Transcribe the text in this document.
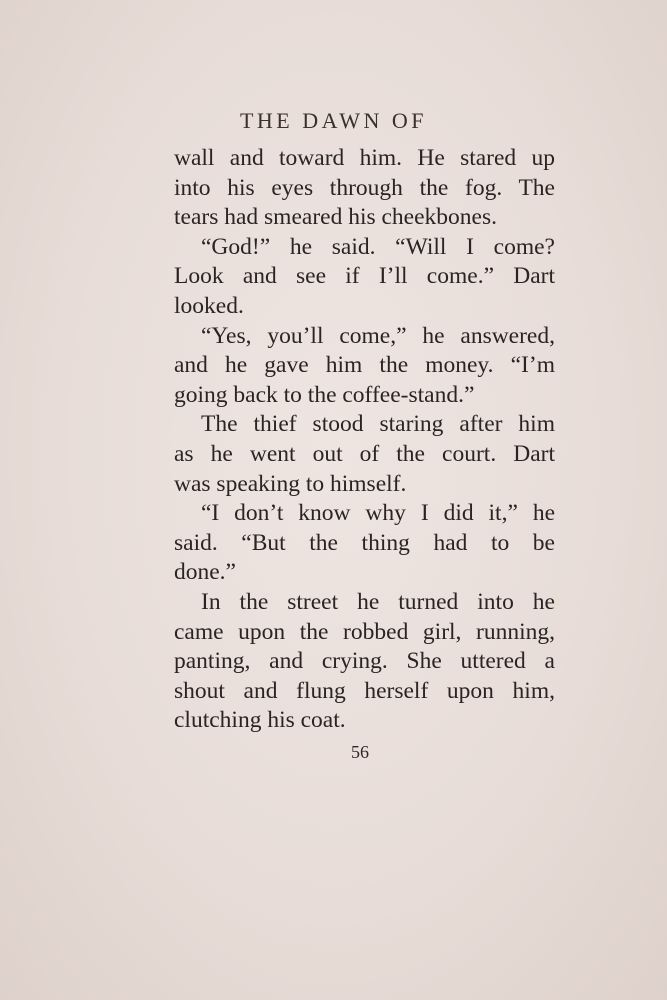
THE DAWN OF
wall and toward him. He stared up
into his eyes through the fog. The
tears had smeared his cheekbones.
“God!” he said. “Will I come?
Look and see if I’ll come.” Dart
looked.
“Yes, you’ll come,” he answered,
and he gave him the money. “I’m
going back to the coffee-stand.”
The thief stood staring after him
as he went out of the court. Dart
was speaking to himself.
“I don’t know why I did it,” he
said. “But the thing had to be
done.”
In the street he turned into he
came upon the robbed girl, running,
panting, and crying. She uttered a
shout and flung herself upon him,
clutching his coat.
56
